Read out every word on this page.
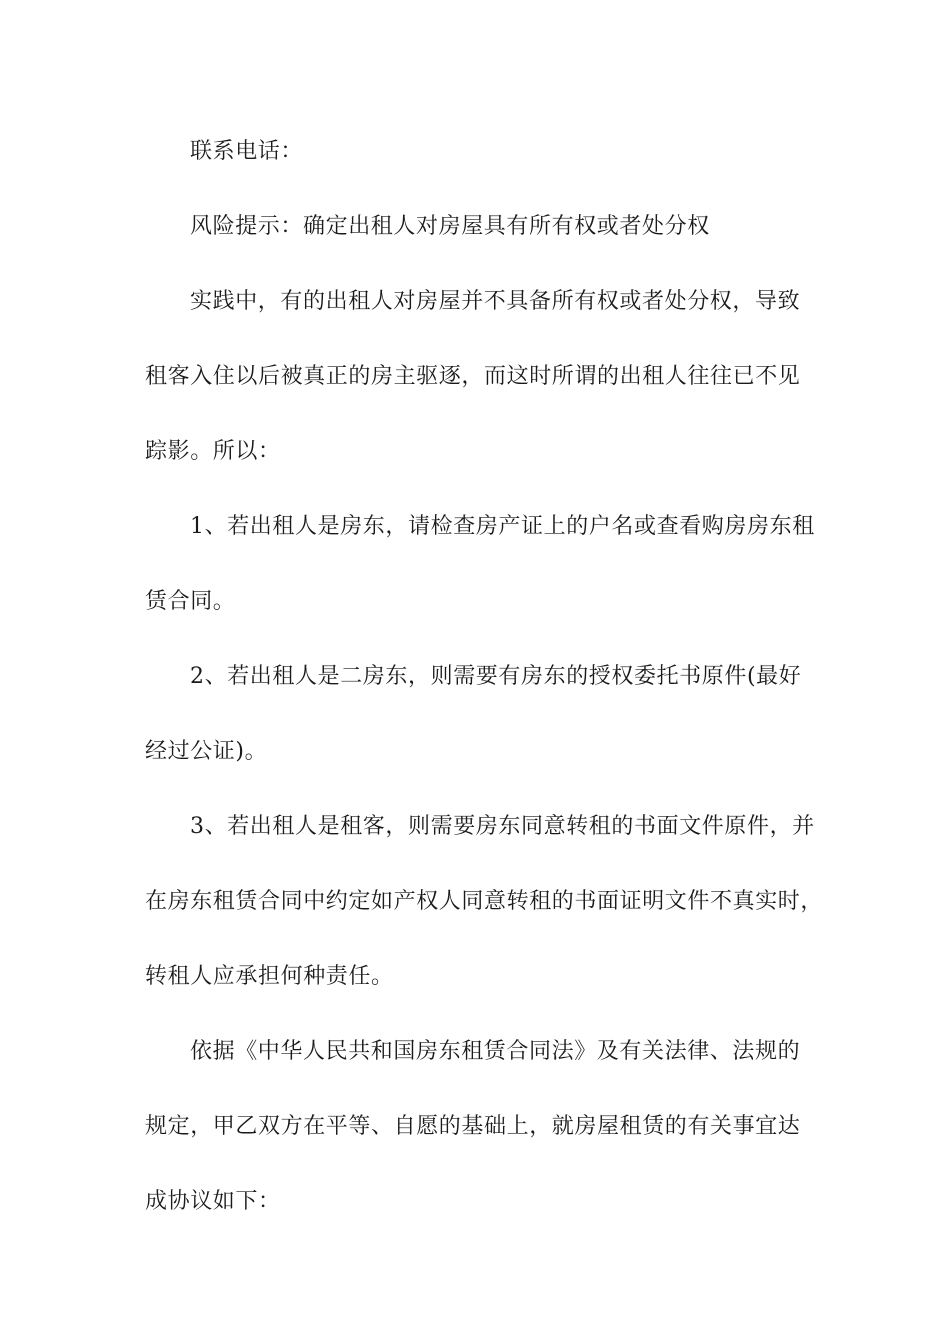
联系电话：
风险提示：确定出租人对房屋具有所有权或者处分权
实践中，有的出租人对房屋并不具备所有权或者处分权，导致
租客入住以后被真正的房主驱逐，而这时所谓的出租人往往已不见
踪影。所以：
1、若出租人是房东，请检查房产证上的户名或查看购房房东租
赁合同。
2、若出租人是二房东，则需要有房东的授权委托书原件(最好
经过公证)。
3、若出租人是租客，则需要房东同意转租的书面文件原件，并
在房东租赁合同中约定如产权人同意转租的书面证明文件不真实时，
转租人应承担何种责任。
依据《中华人民共和国房东租赁合同法》及有关法律、法规的
规定，甲乙双方在平等、自愿的基础上，就房屋租赁的有关事宜达
成协议如下：
